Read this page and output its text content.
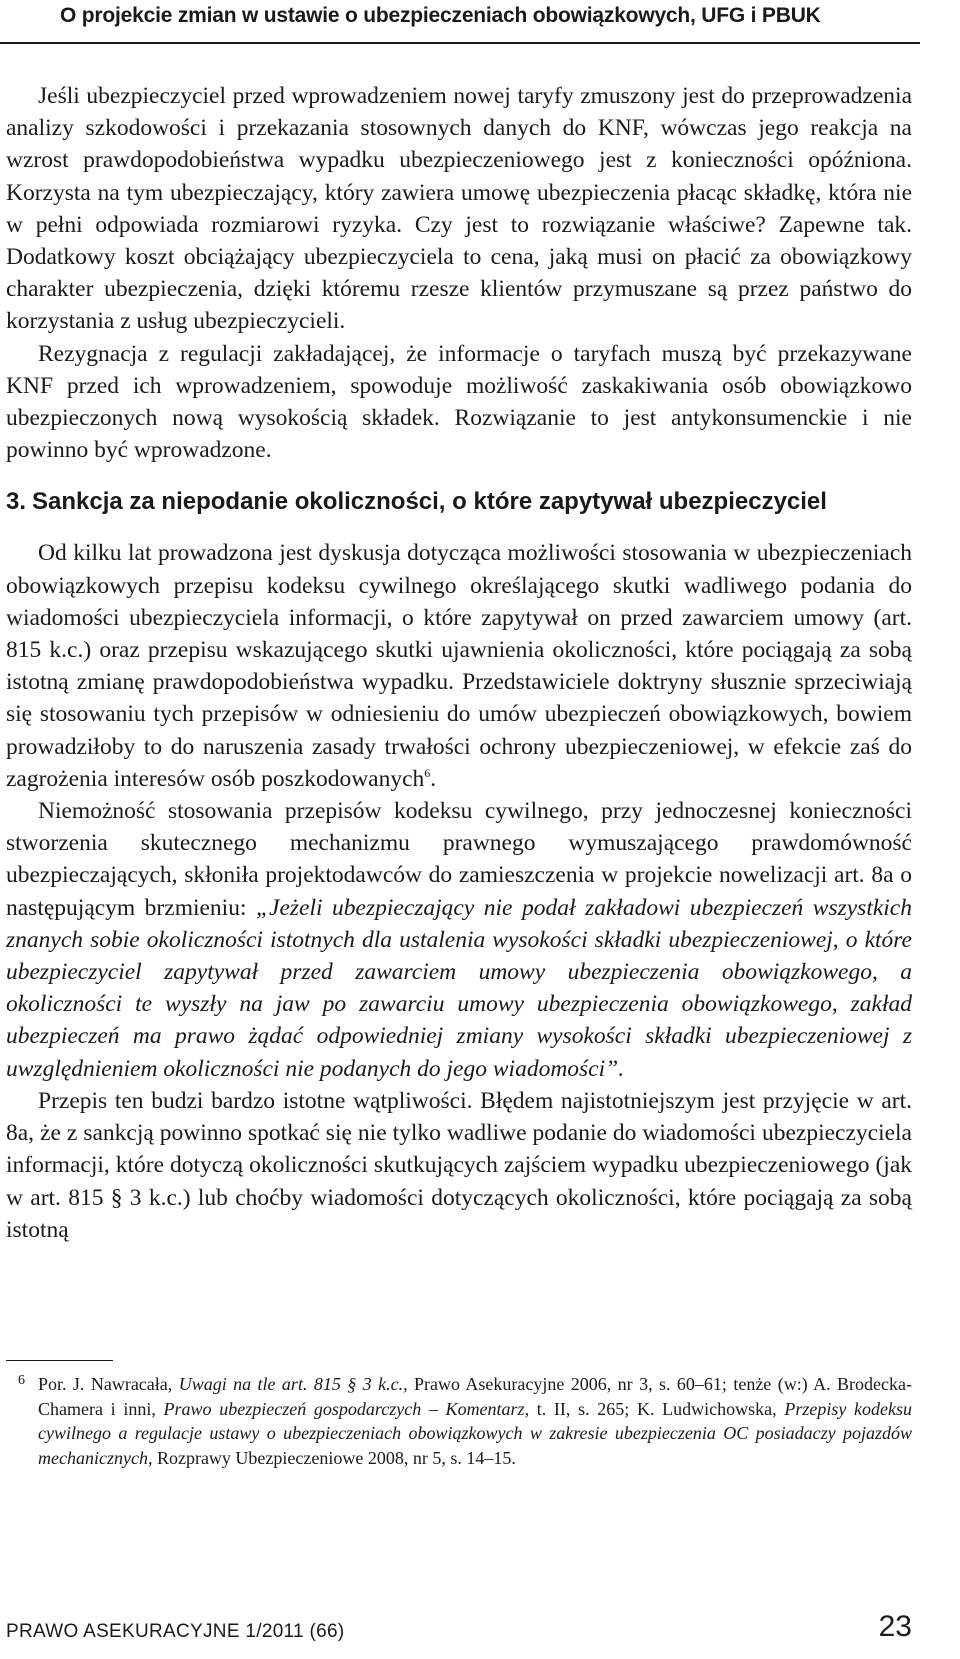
O projekcie zmian w ustawie o ubezpieczeniach obowiązkowych, UFG i PBUK

Jeśli ubezpieczyciel przed wprowadzeniem nowej taryfy zmuszony jest do przeprowadzenia analizy szkodowości i przekazania stosownych danych do KNF, wówczas jego reakcja na wzrost prawdopodobieństwa wypadku ubezpieczeniowego jest z konieczności opóźniona. Korzysta na tym ubezpieczający, który zawiera umowę ubezpieczenia płacąc składkę, która nie w pełni odpowiada rozmiarowi ryzyka. Czy jest to rozwiązanie właściwe? Zapewne tak. Dodatkowy koszt obciążający ubezpieczyciela to cena, jaką musi on płacić za obowiązkowy charakter ubezpieczenia, dzięki któremu rzesze klientów przymuszane są przez państwo do korzystania z usług ubezpieczycieli.

Rezygnacja z regulacji zakładającej, że informacje o taryfach muszą być przekazywane KNF przed ich wprowadzeniem, spowoduje możliwość zaskakiwania osób obowiązkowo ubezpieczonych nową wysokością składek. Rozwiązanie to jest antykonsumenckie i nie powinno być wprowadzone.

3. Sankcja za niepodanie okoliczności, o które zapytywał ubezpieczyciel

Od kilku lat prowadzona jest dyskusja dotycząca możliwości stosowania w ubezpieczeniach obowiązkowych przepisu kodeksu cywilnego określającego skutki wadliwego podania do wiadomości ubezpieczyciela informacji, o które zapytywał on przed zawarciem umowy (art. 815 k.c.) oraz przepisu wskazującego skutki ujawnienia okoliczności, które pociągają za sobą istotną zmianę prawdopodobieństwa wypadku. Przedstawiciele doktryny słusznie sprzeciwiają się stosowaniu tych przepisów w odniesieniu do umów ubezpieczeń obowiązkowych, bowiem prowadziłoby to do naruszenia zasady trwałości ochrony ubezpieczeniowej, w efekcie zaś do zagrożenia interesów osób poszkodowanych$^6$.

Niemożność stosowania przepisów kodeksu cywilnego, przy jednoczesnej konieczności stworzenia skutecznego mechanizmu prawnego wymuszającego prawdomówność ubezpieczających, skłoniła projektodawców do zamieszczenia w projekcie nowelizacji art. 8a o następującym brzmieniu: „Jeżeli ubezpieczający nie podał zakładowi ubezpieczeń wszystkich znanych sobie okoliczności istotnych dla ustalenia wysokości składki ubezpieczeniowej, o które ubezpieczyciel zapytywał przed zawarciem umowy ubezpieczenia obowiązkowego, a okoliczności te wyszły na jaw po zawarciu umowy ubezpieczenia obowiązkowego, zakład ubezpieczeń ma prawo żądać odpowiedniej zmiany wysokości składki ubezpieczeniowej z uwzględnieniem okoliczności nie podanych do jego wiadomości”.

Przepis ten budzi bardzo istotne wątpliwości. Błędem najistotniejszym jest przyjęcie w art. 8a, że z sankcją powinno spotkać się nie tylko wadliwe podanie do wiadomości ubezpieczyciela informacji, które dotyczą okoliczności skutkujących zajściem wypadku ubezpieczeniowego (jak w art. 815 § 3 k.c.) lub choćby wiadomości dotyczących okoliczności, które pociągają za sobą istotną

6 Por. J. Nawracała, Uwagi na tle art. 815 § 3 k.c., Prawo Asekuracyjne 2006, nr 3, s. 60–61; tenże (w:) A. Brodecka-Chamera i inni, Prawo ubezpieczeń gospodarczych – Komentarz, t. II, s. 265; K. Ludwichowska, Przepisy kodeksu cywilnego a regulacje ustawy o ubezpieczeniach obowiązkowych w zakresie ubezpieczenia OC posiadaczy pojazdów mechanicznych, Rozprawy Ubezpieczeniowe 2008, nr 5, s. 14–15.
PRAWO ASEKURACYJNE 1/2011 (66)	23
